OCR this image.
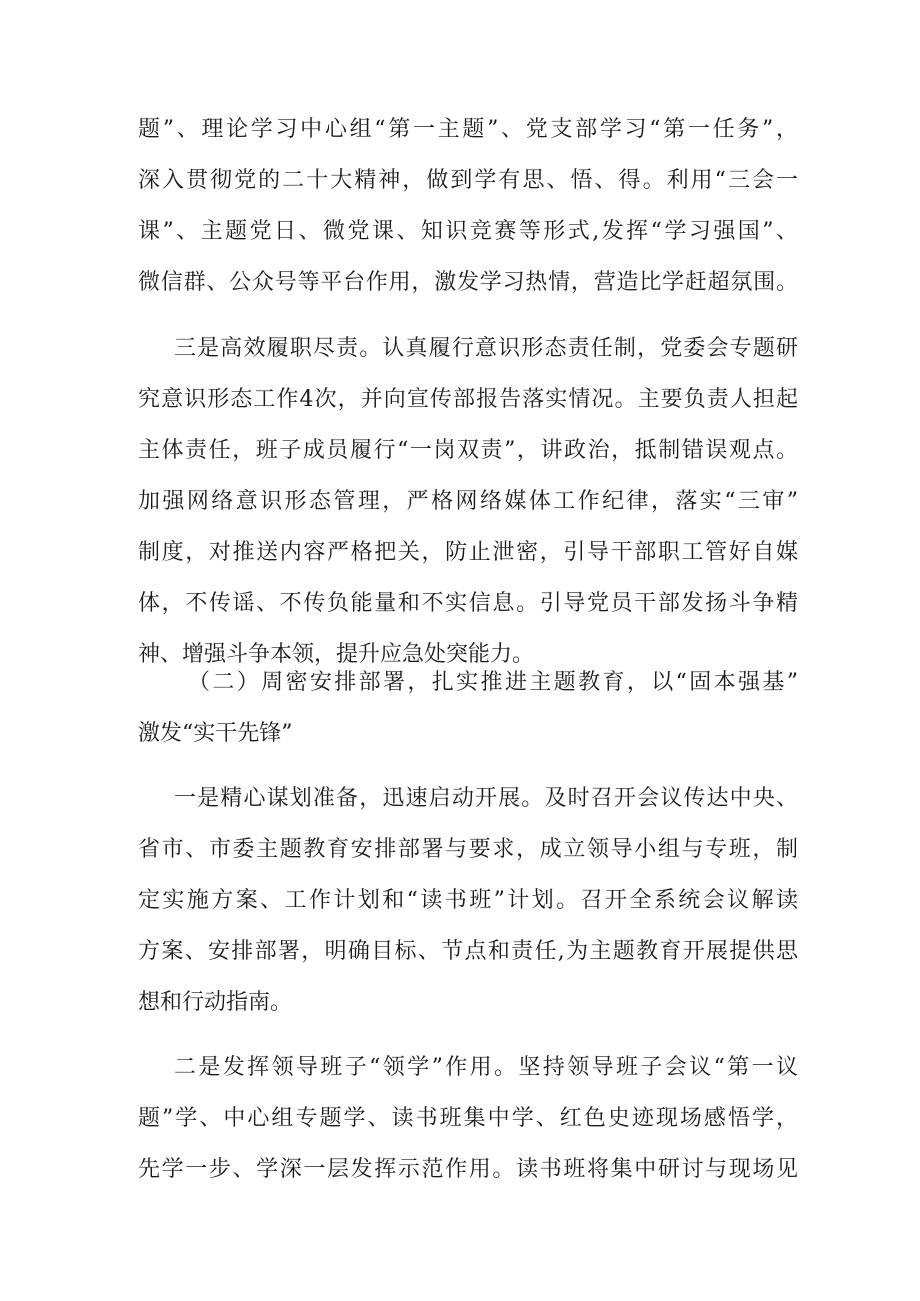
题”、理论学习中心组“第一主题”、党支部学习“第一任务”，
深入贯彻党的二十大精神，做到学有思、悟、得。利用“三会一
课”、主题党日、微党课、知识竞赛等形式,发挥“学习强国”、
微信群、公众号等平台作用，激发学习热情，营造比学赶超氛围。
三是高效履职尽责。认真履行意识形态责任制，党委会专题研
究意识形态工作4次，并向宣传部报告落实情况。主要负责人担起
主体责任，班子成员履行“一岗双责”，讲政治，抵制错误观点。
加强网络意识形态管理，严格网络媒体工作纪律，落实“三审”
制度，对推送内容严格把关，防止泄密，引导干部职工管好自媒
体，不传谣、不传负能量和不实信息。引导党员干部发扬斗争精
神、增强斗争本领，提升应急处突能力。
（二）周密安排部署，扎实推进主题教育，以“固本强基”
激发“实干先锋”
一是精心谋划准备，迅速启动开展。及时召开会议传达中央、
省市、市委主题教育安排部署与要求，成立领导小组与专班，制
定实施方案、工作计划和“读书班”计划。召开全系统会议解读
方案、安排部署，明确目标、节点和责任,为主题教育开展提供思
想和行动指南。
二是发挥领导班子“领学”作用。坚持领导班子会议“第一议
题”学、中心组专题学、读书班集中学、红色史迹现场感悟学，
先学一步、学深一层发挥示范作用。读书班将集中研讨与现场见
